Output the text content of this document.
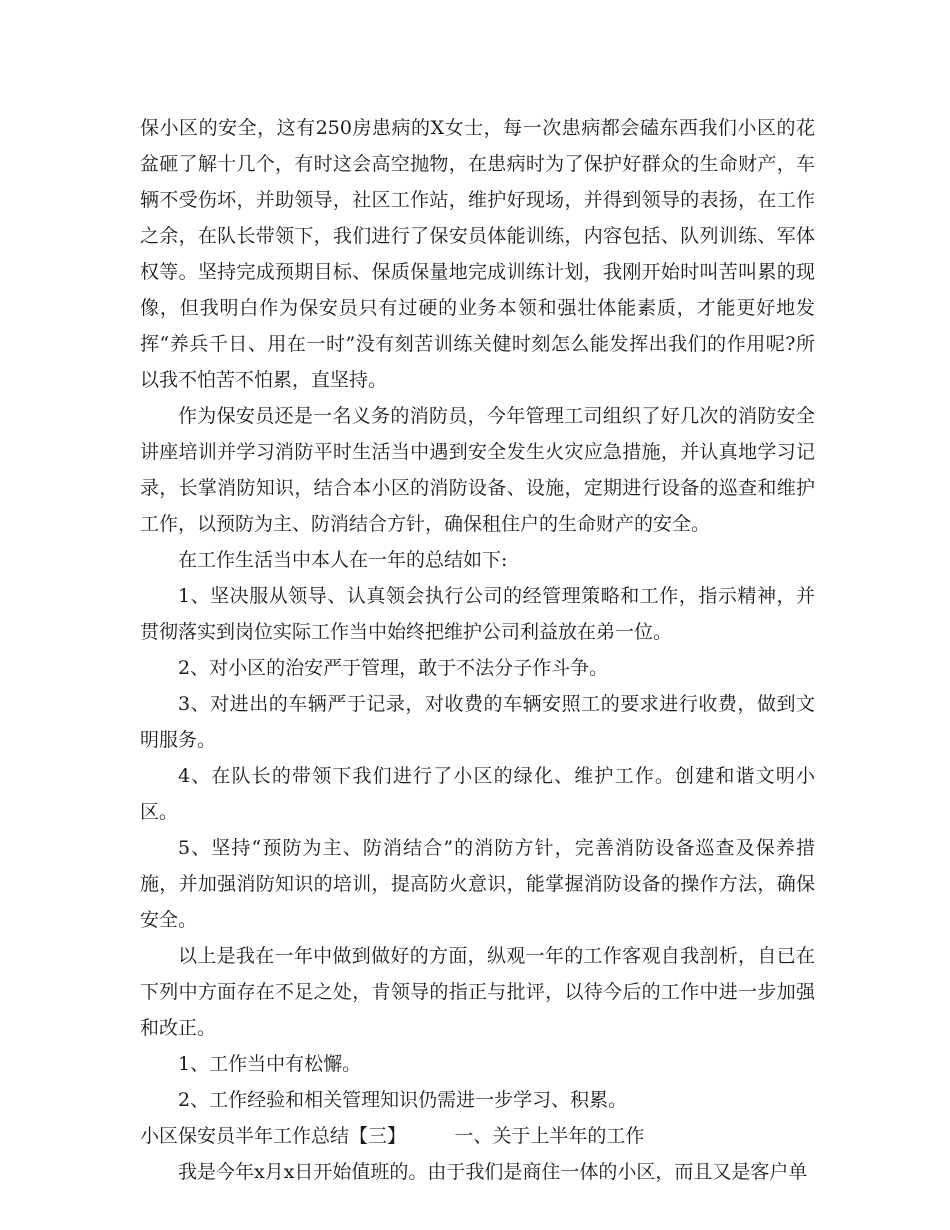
保小区的安全，这有250房患病的X女士，每一次患病都会磕东西我们小区的花盆砸了解十几个，有时这会高空抛物，在患病时为了保护好群众的生命财产，车辆不受伤坏，并助领导，社区工作站，维护好现场，并得到领导的表扬，在工作之余，在队长带领下，我们进行了保安员体能训练，内容包括、队列训练、军体权等。坚持完成预期目标、保质保量地完成训练计划，我刚开始时叫苦叫累的现像，但我明白作为保安员只有过硬的业务本领和强壮体能素质，才能更好地发挥“养兵千日、用在一时”没有刻苦训练关健时刻怎么能发挥出我们的作用呢?所以我不怕苦不怕累，直坚持。

作为保安员还是一名义务的消防员，今年管理工司组织了好几次的消防安全讲座培训并学习消防平时生活当中遇到安全发生火灾应急措施，并认真地学习记录，长掌消防知识，结合本小区的消防设备、设施，定期进行设备的巡查和维护工作，以预防为主、防消结合方针，确保租住户的生命财产的安全。

在工作生活当中本人在一年的总结如下:

1、坚决服从领导、认真领会执行公司的经管理策略和工作，指示精神，并贯彻落实到岗位实际工作当中始终把维护公司利益放在弟一位。

2、对小区的治安严于管理，敢于不法分子作斗争。

3、对进出的车辆严于记录，对收费的车辆安照工的要求进行收费，做到文明服务。

4、在队长的带领下我们进行了小区的绿化、维护工作。创建和谐文明小区。

5、坚持“预防为主、防消结合”的消防方针，完善消防设备巡查及保养措施，并加强消防知识的培训，提高防火意识，能掌握消防设备的操作方法，确保安全。

以上是我在一年中做到做好的方面，纵观一年的工作客观自我剖析，自已在下列中方面存在不足之处，肯领导的指正与批评，以待今后的工作中进一步加强和改正。

1、工作当中有松懈。

2、工作经验和相关管理知识仍需进一步学习、积累。

小区保安员半年工作总结【三】        一、关于上半年的工作

我是今年x月x日开始值班的。由于我们是商住一体的小区，而且又是客户单
